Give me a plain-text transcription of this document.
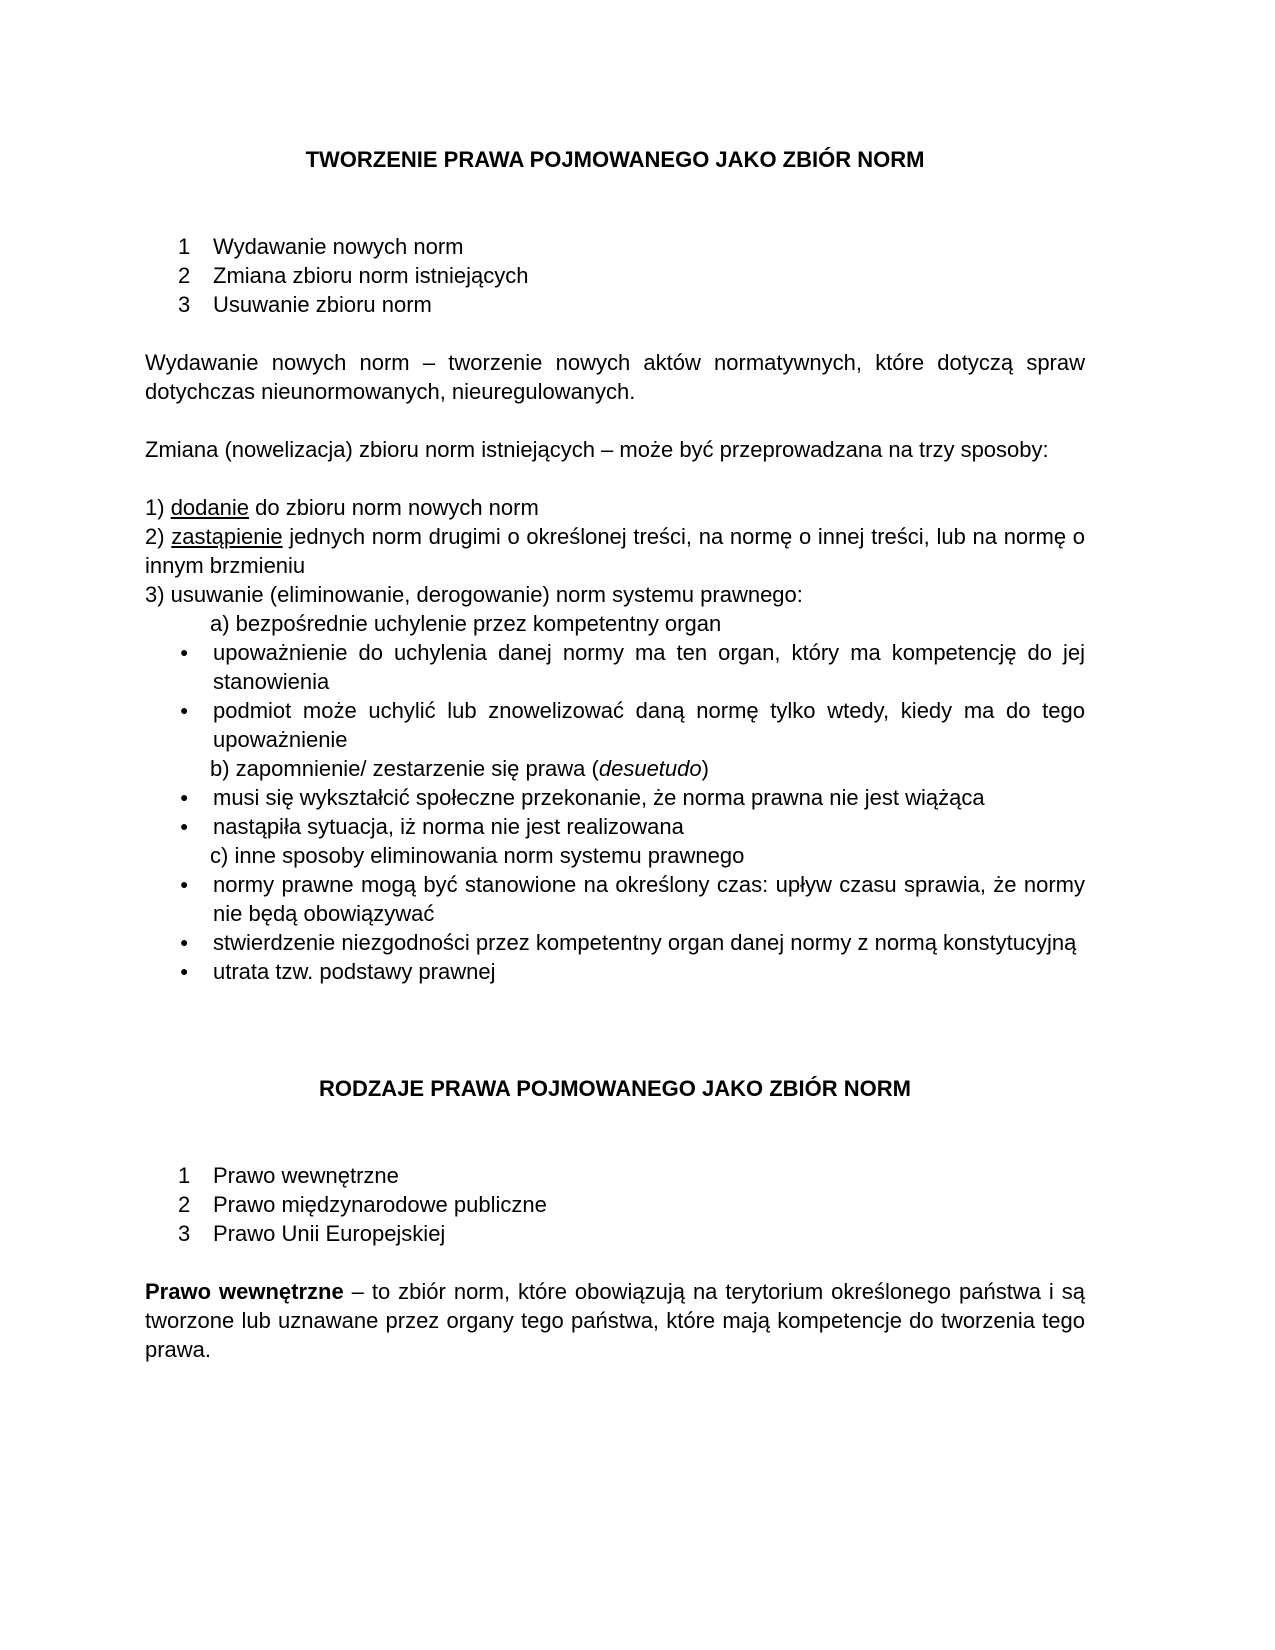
TWORZENIE PRAWA POJMOWANEGO JAKO ZBIÓR NORM
1	Wydawanie nowych norm
2	Zmiana zbioru norm istniejących
3	Usuwanie zbioru norm

Wydawanie nowych norm – tworzenie nowych aktów normatywnych, które dotyczą spraw dotychczas nieunormowanych, nieuregulowanych.

Zmiana (nowelizacja) zbioru norm istniejących – może być przeprowadzana na trzy sposoby:

1) dodanie do zbioru norm nowych norm

2) zastąpienie jednych norm drugimi o określonej treści, na normę o innej treści, lub na normę o innym brzmieniu

3) usuwanie (eliminowanie, derogowanie) norm systemu prawnego:

a) bezpośrednie uchylenie przez kompetentny organ

●	upoważnienie do uchylenia danej normy ma ten organ, który ma kompetencję do jej stanowienia
●	podmiot może uchylić lub znowelizować daną normę tylko wtedy, kiedy ma do tego upoważnienie

b) zapomnienie/ zestarzenie się prawa (desuetudo)

●	musi się wykształcić społeczne przekonanie, że norma prawna nie jest wiążąca
●	nastąpiła sytuacja, iż norma nie jest realizowana

c) inne sposoby eliminowania norm systemu prawnego

●	normy prawne mogą być stanowione na określony czas: upływ czasu sprawia, że normy nie będą obowiązywać
●	stwierdzenie niezgodności przez kompetentny organ danej normy z normą konstytucyjną
●	utrata tzw. podstawy prawnej
RODZAJE PRAWA POJMOWANEGO JAKO ZBIÓR NORM
1	Prawo wewnętrzne
2	Prawo międzynarodowe publiczne
3	Prawo Unii Europejskiej

Prawo wewnętrzne – to zbiór norm, które obowiązują na terytorium określonego państwa i są tworzone lub uznawane przez organy tego państwa, które mają kompetencje do tworzenia tego prawa.
